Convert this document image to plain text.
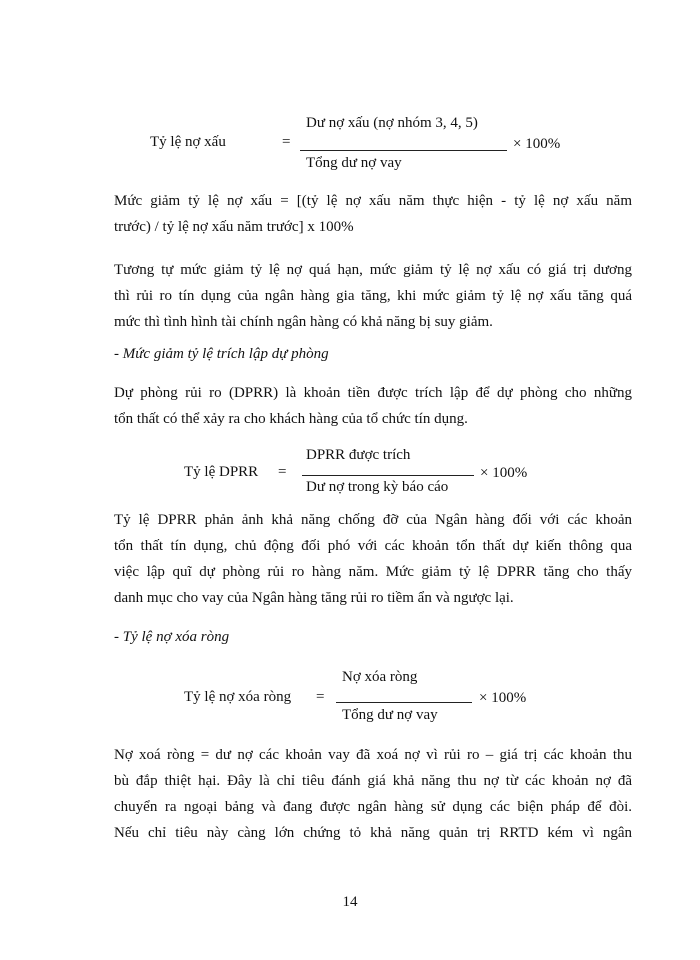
Tỷ lệ nợ xấu	=
Dư nợ xấu (nợ nhóm 3, 4, 5)
Tổng dư nợ vay
× 100%
Mức giảm tỷ lệ nợ xấu = [(tỷ lệ nợ xấu năm thực hiện - tỷ lệ nợ xấu năm
trước) / tỷ lệ nợ xấu năm trước] x 100%
Tương tự mức giảm tỷ lệ nợ quá hạn, mức giảm tỷ lệ nợ xấu có giá trị dương
thì rủi ro tín dụng của ngân hàng gia tăng, khi mức giảm tỷ lệ nợ xấu tăng quá
mức thì tình hình tài chính ngân hàng có khả năng bị suy giảm.
- Mức giảm tỷ lệ trích lập dự phòng
Dự phòng rủi ro (DPRR) là khoản tiền được trích lập để dự phòng cho những
tổn thất có thể xảy ra cho khách hàng của tổ chức tín dụng.
Tỷ lệ DPRR =
DPRR được trích
Dư nợ trong kỳ báo cáo
× 100%
Tỷ lệ DPRR phản ảnh khả năng chống đỡ của Ngân hàng đối với các khoản
tổn thất tín dụng, chủ động đối phó với các khoản tổn thất dự kiến thông qua
việc lập quĩ dự phòng rủi ro hàng năm. Mức giảm tỷ lệ DPRR tăng cho thấy
danh mục cho vay của Ngân hàng tăng rủi ro tiềm ẩn và ngược lại.
- Tỷ lệ nợ xóa ròng
Tỷ lệ nợ xóa ròng =
Nợ xóa ròng
Tổng dư nợ vay
× 100%
Nợ xoá ròng = dư nợ các khoản vay đã xoá nợ vì rủi ro – giá trị các khoản thu
bù đắp thiệt hại. Đây là chỉ tiêu đánh giá khả năng thu nợ từ các khoản nợ đã
chuyển ra ngoại bảng và đang được ngân hàng sử dụng các biện pháp để đòi.
Nếu chỉ tiêu này càng lớn chứng tỏ khả năng quản trị RRTD kém vì ngân
14
